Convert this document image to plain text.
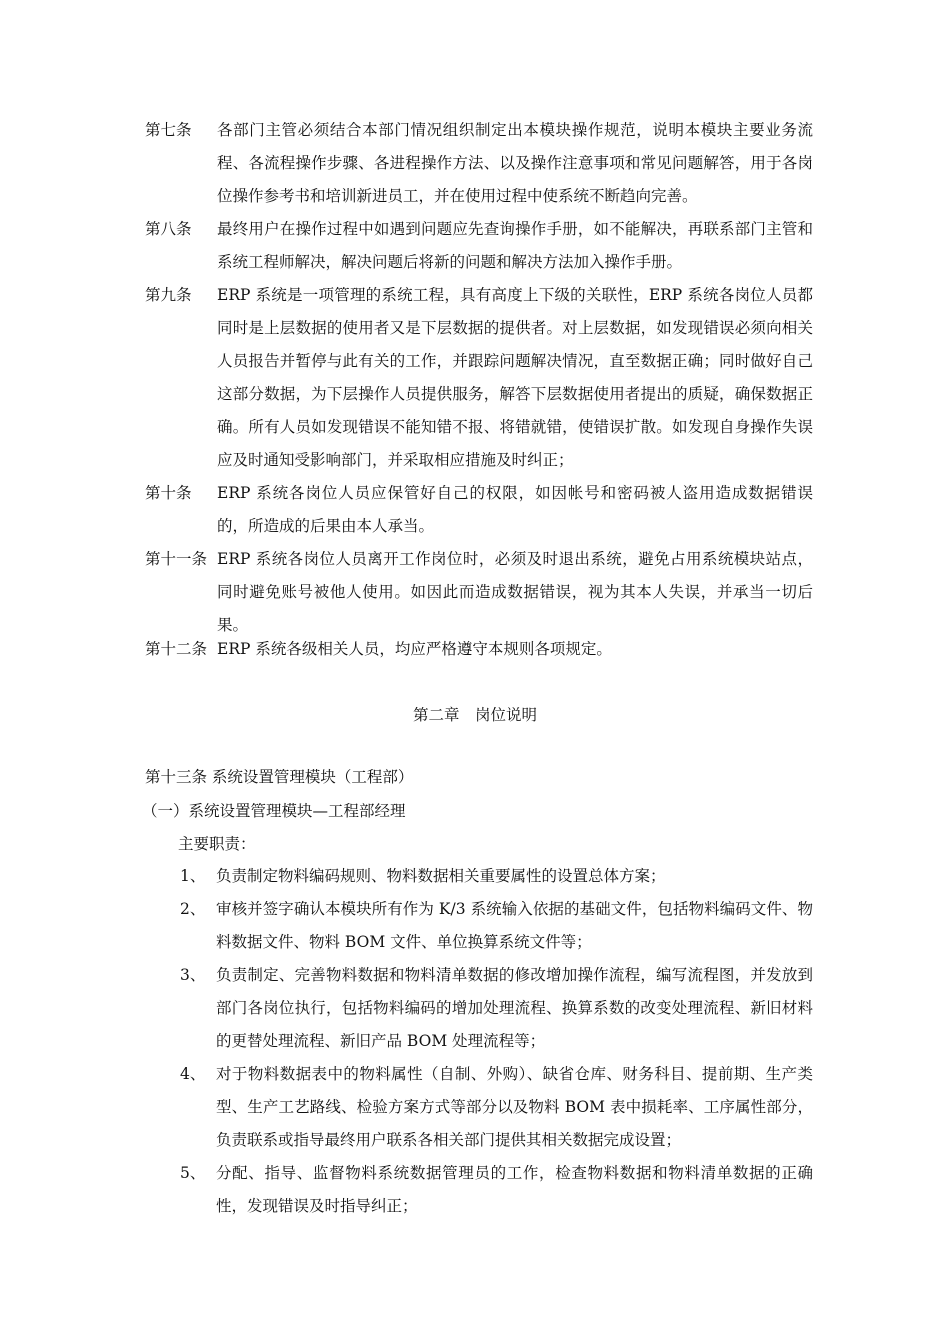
第七条 各部门主管必须结合本部门情况组织制定出本模块操作规范，说明本模块主要业务流程、各流程操作步骤、各进程操作方法、以及操作注意事项和常见问题解答，用于各岗位操作参考书和培训新进员工，并在使用过程中使系统不断趋向完善。
第八条 最终用户在操作过程中如遇到问题应先查询操作手册，如不能解决，再联系部门主管和系统工程师解决，解决问题后将新的问题和解决方法加入操作手册。
第九条 ERP 系统是一项管理的系统工程，具有高度上下级的关联性，ERP 系统各岗位人员都同时是上层数据的使用者又是下层数据的提供者。对上层数据，如发现错误必须向相关人员报告并暂停与此有关的工作，并跟踪问题解决情况，直至数据正确；同时做好自己这部分数据，为下层操作人员提供服务，解答下层数据使用者提出的质疑，确保数据正确。所有人员如发现错误不能知错不报、将错就错，使错误扩散。如发现自身操作失误应及时通知受影响部门，并采取相应措施及时纠正；
第十条 ERP 系统各岗位人员应保管好自己的权限，如因帐号和密码被人盗用造成数据错误的，所造成的后果由本人承当。
第十一条 ERP 系统各岗位人员离开工作岗位时，必须及时退出系统，避免占用系统模块站点，同时避免账号被他人使用。如因此而造成数据错误，视为其本人失误，并承当一切后果。
第十二条 ERP 系统各级相关人员，均应严格遵守本规则各项规定。
第二章　岗位说明
第十三条 系统设置管理模块（工程部）
（一）系统设置管理模块—工程部经理
主要职责：
1、 负责制定物料编码规则、物料数据相关重要属性的设置总体方案；
2、 审核并签字确认本模块所有作为 K/3 系统输入依据的基础文件，包括物料编码文件、物料数据文件、物料 BOM 文件、单位换算系统文件等；
3、 负责制定、完善物料数据和物料清单数据的修改增加操作流程，编写流程图，并发放到部门各岗位执行，包括物料编码的增加处理流程、换算系数的改变处理流程、新旧材料的更替处理流程、新旧产品 BOM 处理流程等；
4、 对于物料数据表中的物料属性（自制、外购）、缺省仓库、财务科目、提前期、生产类型、生产工艺路线、检验方案方式等部分以及物料 BOM 表中损耗率、工序属性部分，负责联系或指导最终用户联系各相关部门提供其相关数据完成设置；
5、 分配、指导、监督物料系统数据管理员的工作，检查物料数据和物料清单数据的正确性，发现错误及时指导纠正；
